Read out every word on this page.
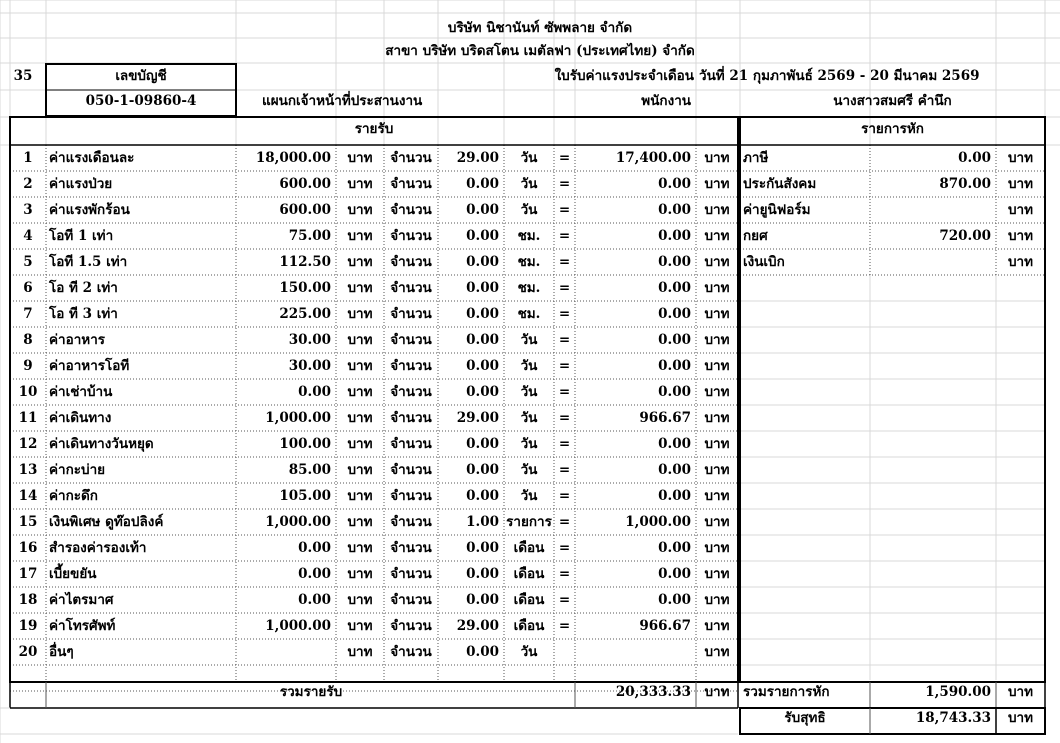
บริษัท นิชานันท์ ซัพพลาย จำกัด
สาขา บริษัท บริดสโตน เมตัลฟา (ประเทศไทย) จำกัด
35	เลขบัญชี	ใบรับค่าแรงประจำเดือน วันที่ 21 กุมภาพันธ์ 2569 - 20 มีนาคม 2569
050-1-09860-4	แผนกเจ้าหน้าที่ประสานงาน	พนักงาน	นางสาวสมศรี คำนึก
รายรับ	รายการหัก
1	ค่าแรงเดือนละ	18,000.00	บาท	จำนวน	29.00	วัน	=	17,400.00 บาท
2	ค่าแรงป่วย	600.00	บาท	จำนวน	0.00	วัน	=	0.00 บาท
3	ค่าแรงพักร้อน	600.00	บาท	จำนวน	0.00	วัน	=	0.00 บาท
4	โอที 1 เท่า	75.00	บาท	จำนวน	0.00	ชม.	=	0.00 บาท
5	โอที 1.5 เท่า	112.50	บาท	จำนวน	0.00	ชม.	=	0.00 บาท
6	โอ ที 2 เท่า	150.00	บาท	จำนวน	0.00	ชม.	=	0.00 บาท
7	โอ ที 3 เท่า	225.00	บาท	จำนวน	0.00	ชม.	=	0.00 บาท
8	ค่าอาหาร	30.00	บาท	จำนวน	0.00	วัน	=	0.00 บาท
9	ค่าอาหารโอที	30.00	บาท	จำนวน	0.00	วัน	=	0.00 บาท
10 ค่าเช่าบ้าน	0.00	บาท	จำนวน	0.00	วัน	=	0.00 บาท
11 ค่าเดินทาง	1,000.00	บาท	จำนวน	29.00	วัน	=	966.67 บาท
12 ค่าเดินทางวันหยุด	100.00	บาท	จำนวน	0.00	วัน	=	0.00 บาท
13 ค่ากะบ่าย	85.00	บาท	จำนวน	0.00	วัน	=	0.00 บาท
14 ค่ากะดึก	105.00	บาท	จำนวน	0.00	วัน	=	0.00 บาท
15 เงินพิเศษ ดูท๊อปลิงค์	1,000.00	บาท	จำนวน	1.00 รายการ =	1,000.00 บาท
16 สำรองค่ารองเท้า	0.00	บาท	จำนวน	0.00	เดือน	=	0.00 บาท
17 เบี้ยขยัน	0.00	บาท	จำนวน	0.00	เดือน	=	0.00 บาท
18 ค่าไตรมาศ	0.00	บาท	จำนวน	0.00	เดือน	=	0.00 บาท
19 ค่าโทรศัพท์	1,000.00	บาท	จำนวน	29.00	เดือน	=	966.67 บาท
20 อื่นๆ	บาท	จำนวน	0.00	วัน	บาท
ภาษี	0.00	บาท
ประกันสังคม	870.00	บาท
ค่ายูนิฟอร์ม	บาท
กยศ	720.00	บาท
เงินเบิก	บาท
รวมรายรับ	20,333.33 บาท รวมรายการหัก	1,590.00	บาท
รับสุทธิ	18,743.33	บาท
